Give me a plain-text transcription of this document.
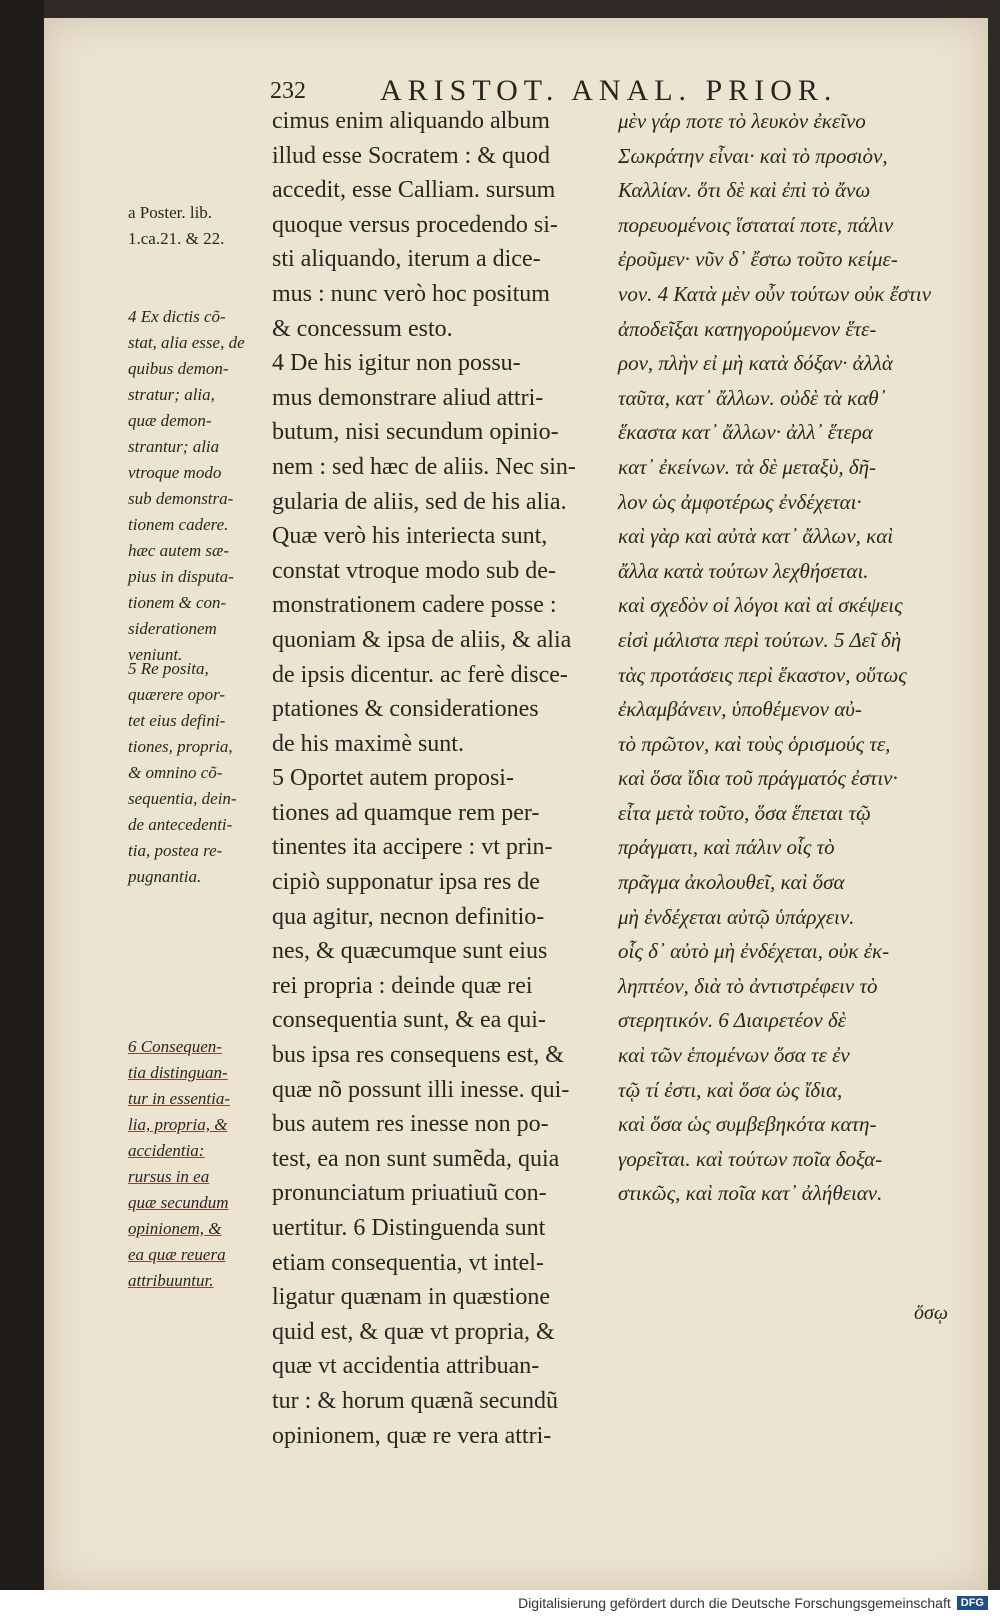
232 ARISTOT. ANAL. PRIOR.
a Poster. lib.
1.ca.21. & 22.
4 Ex dictis cõ-
stat, alia esse, de
quibus demon-
stratur; alia,
quæ demon-
strantur; alia
vtroque modo
sub demonstra-
tionem cadere.
hæc autem sæ-
pius in disputa-
tionem & con-
siderationem
veniunt.
5 Re posita,
quærere opor-
tet eius defini-
tiones, propria,
& omnino cõ-
sequentia, dein-
de antecedenti-
tia, postea re-
pugnantia.
6 Consequen-
tia distinguan-
tur in essentia-
lia, propria, &
accidentia:
rursus in ea
quæ secundum
opinionem, &
ea quæ reuera
attribuuntur.
cimus enim aliquando album
illud esse Socratem : & quod
accedit, esse Calliam. sursum
quoque versus procedendo si-
sti aliquando, iterum a dice-
mus : nunc verò hoc positum
& concessum esto.
4 De his igitur non possu-
mus demonstrare aliud attri-
butum, nisi secundum opinio-
nem : sed hæc de aliis. Nec sin-
gularia de aliis, sed de his alia.
Quæ verò his interiecta sunt,
constat vtroque modo sub de-
monstrationem cadere posse :
quoniam & ipsa de aliis, & alia
de ipsis dicentur. ac ferè disce-
ptationes & considerationes
de his maximè sunt.
5 Oportet autem proposi-
tiones ad quamque rem per-
tinentes ita accipere : vt prin-
cipiò supponatur ipsa res de
qua agitur, necnon definitio-
nes, & quæcumque sunt eius
rei propria : deinde quæ rei
consequentia sunt, & ea qui-
bus ipsa res consequens est, &
quæ nõ possunt illi inesse. qui-
bus autem res inesse non po-
test, ea non sunt sumẽda, quia
pronunciatum priuatiuũ con-
uertitur. 6 Distinguenda sunt
etiam consequentia, vt intel-
ligatur quænam in quæstione
quid est, & quæ vt propria, &
quæ vt accidentia attribuan-
tur : & horum quænã secundũ
opinionem, quæ re vera attri-
μὲν γάρ ποτε τὸ λευκὸν ἐκεῖνο
Σωκράτην εἶναι· καὶ τὸ προσιὸν,
Καλλίαν. ὅτι δὲ καὶ ἐπὶ τὸ ἄνω
πορευομένοις ἵσταταί ποτε, πάλιν
ἐροῦμεν· νῦν δ᾽ ἔστω τοῦτο κείμε-
νον. 4 Κατὰ μὲν οὖν τούτων οὐκ ἔστιν
ἀποδεῖξαι κατηγορούμενον ἕτε-
ρον, πλὴν εἰ μὴ κατὰ δόξαν· ἀλλὰ
ταῦτα, κατ᾽ ἄλλων. οὐδὲ τὰ καθ᾽
ἕκαστα κατ᾽ ἄλλων· ἀλλ᾽ ἕτερα
κατ᾽ ἐκείνων. τὰ δὲ μεταξὺ, δῆ-
λον ὡς ἀμφοτέρως ἐνδέχεται·
καὶ γὰρ καὶ αὐτὰ κατ᾽ ἄλλων, καὶ
ἄλλα κατὰ τούτων λεχθήσεται.
καὶ σχεδὸν οἱ λόγοι καὶ αἱ σκέψεις
εἰσὶ μάλιστα περὶ τούτων. 5 Δεῖ δὴ
τὰς προτάσεις περὶ ἕκαστον, οὕτως
ἐκλαμβάνειν, ὑποθέμενον αὐ-
τὸ πρῶτον, καὶ τοὺς ὁρισμούς τε,
καὶ ὅσα ἴδια τοῦ πράγματός ἐστιν·
εἶτα μετὰ τοῦτο, ὅσα ἕπεται τῷ
πράγματι, καὶ πάλιν οἷς τὸ
πρᾶγμα ἀκολουθεῖ, καὶ ὅσα
μὴ ἐνδέχεται αὐτῷ ὑπάρχειν.
οἷς δ᾽ αὐτὸ μὴ ἐνδέχεται, οὐκ ἐκ-
ληπτέον, διὰ τὸ ἀντιστρέφειν τὸ
στερητικόν. 6 Διαιρετέον δὲ
καὶ τῶν ἑπομένων ὅσα τε ἐν
τῷ τί ἐστι, καὶ ὅσα ὡς ἴδια,
καὶ ὅσα ὡς συμβεβηκότα κατη-
γορεῖται. καὶ τούτων ποῖα δοξα-
στικῶς, καὶ ποῖα κατ᾽ ἀλήθειαν.
ὅσῳ
Digitalisierung gefördert durch die Deutsche Forschungsgemeinschaft DFG
